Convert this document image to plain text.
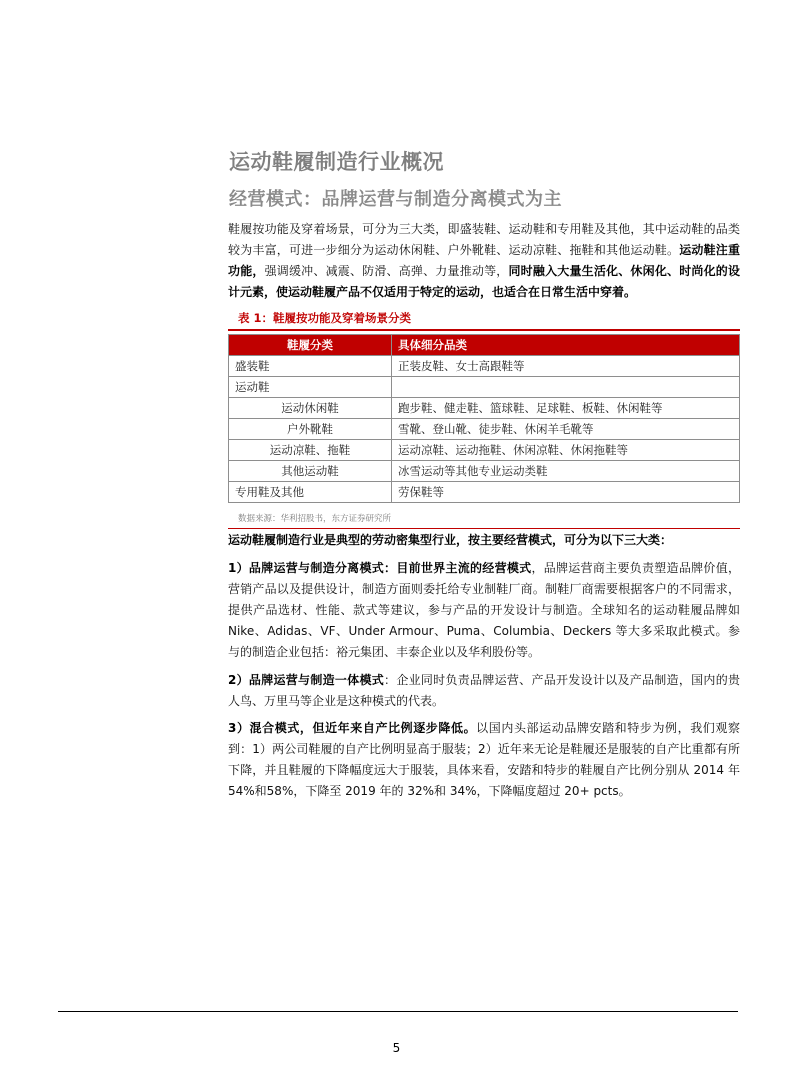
运动鞋履制造行业概况
经营模式：品牌运营与制造分离模式为主
鞋履按功能及穿着场景，可分为三大类，即盛装鞋、运动鞋和专用鞋及其他，其中运动鞋的品类较为丰富，可进一步细分为运动休闲鞋、户外靴鞋、运动凉鞋、拖鞋和其他运动鞋。运动鞋注重功能，强调缓冲、减震、防滑、高弹、力量推动等，同时融入大量生活化、休闲化、时尚化的设计元素，使运动鞋履产品不仅适用于特定的运动，也适合在日常生活中穿着。
表 1：鞋履按功能及穿着场景分类
鞋履分类	具体细分品类
盛装鞋	正装皮鞋、女士高跟鞋等
运动鞋	
运动休闲鞋	跑步鞋、健走鞋、篮球鞋、足球鞋、板鞋、休闲鞋等
户外靴鞋	雪靴、登山靴、徒步鞋、休闲羊毛靴等
运动凉鞋、拖鞋	运动凉鞋、运动拖鞋、休闲凉鞋、休闲拖鞋等
其他运动鞋	冰雪运动等其他专业运动类鞋
专用鞋及其他	劳保鞋等
数据来源：华利招股书，东方证券研究所
运动鞋履制造行业是典型的劳动密集型行业，按主要经营模式，可分为以下三大类：
1）品牌运营与制造分离模式：目前世界主流的经营模式，品牌运营商主要负责塑造品牌价值，营销产品以及提供设计，制造方面则委托给专业制鞋厂商。制鞋厂商需要根据客户的不同需求，提供产品选材、性能、款式等建议，参与产品的开发设计与制造。全球知名的运动鞋履品牌如 Nike、Adidas、VF、Under Armour、Puma、Columbia、Deckers 等大多采取此模式。参与的制造企业包括：裕元集团、丰泰企业以及华利股份等。
2）品牌运营与制造一体模式：企业同时负责品牌运营、产品开发设计以及产品制造，国内的贵人鸟、万里马等企业是这种模式的代表。
3）混合模式，但近年来自产比例逐步降低。以国内头部运动品牌安踏和特步为例，我们观察到：1）两公司鞋履的自产比例明显高于服装；2）近年来无论是鞋履还是服装的自产比重都有所下降，并且鞋履的下降幅度远大于服装，具体来看，安踏和特步的鞋履自产比例分别从 2014 年 54%和58%，下降至 2019 年的 32%和 34%，下降幅度超过 20+ pcts。
5
